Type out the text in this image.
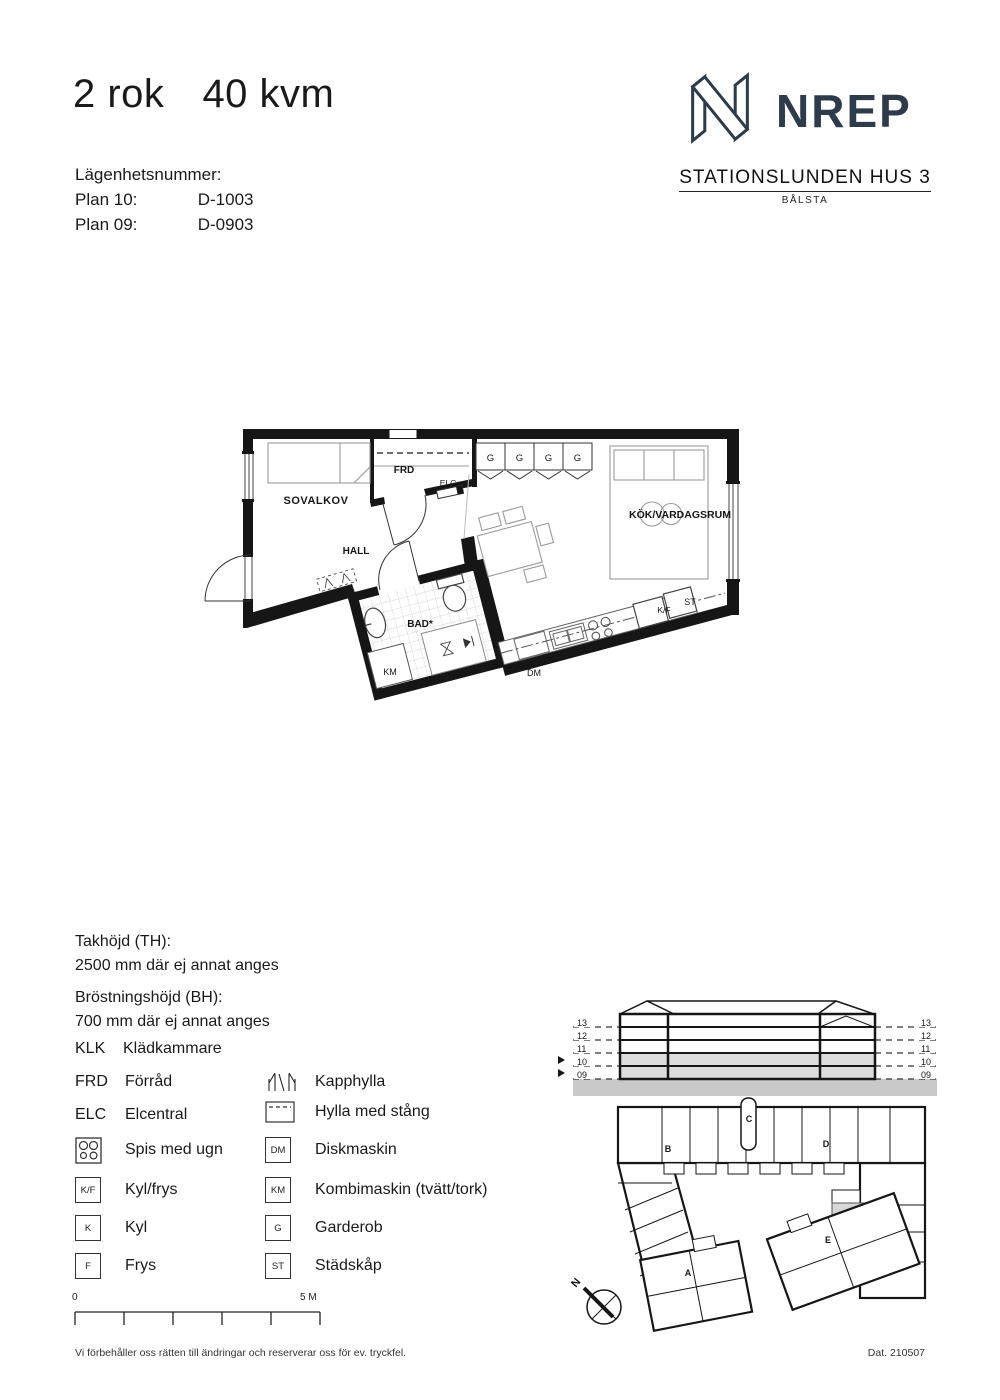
2 rok 40 kvm
Lägenhetsnummer:
Plan 10:	D-1003
Plan 09:	D-0903
NREP
STATIONSLUNDEN HUS 3
BÅLSTA
SOVALKOV
FRD
ELC
HALL
BAD*
KM	DM
K/F
ST
KÖK/VARDAGSRUM
G G G G
Takhöjd (TH):
2500 mm där ej annat anges
Bröstningshöjd (BH):
700 mm där ej annat anges
KLK Klädkammare
FRD	Förråd
ELC	Elcentral
Spis med ugn
K/F	Kyl/frys
K	Kyl
F	Frys
Kapphylla
Hylla med stång
DM	Diskmaskin
KM	Kombimaskin (tvätt/tork)
G	Garderob
ST	Städskåp
0	5 M
13
12
11
10
09
13
12
11
10
09
B
C
D
A
E
N
Vi förbehåller oss rätten till ändringar och reserverar oss för ev. tryckfel.	Dat. 210507
